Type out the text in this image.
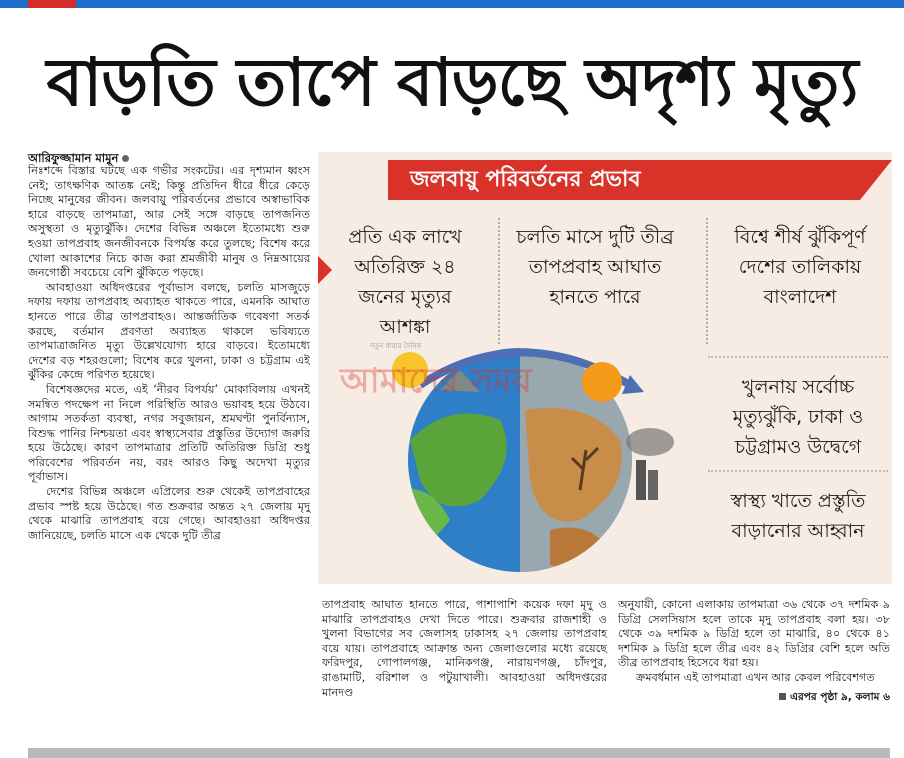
বাড়তি তাপে বাড়ছে অদৃশ্য মৃত্যু
আরিফুজ্জামান মামুন

নিঃশব্দে বিস্তার ঘটছে এক গভীর সংকটের। এর দৃশ্যমান ধ্বংস নেই; তাৎক্ষণিক আতঙ্ক নেই; কিন্তু প্রতিদিন ধীরে ধীরে কেড়ে নিচ্ছে মানুষের জীবন। জলবায়ু পরিবর্তনের প্রভাবে অস্বাভাবিক হারে বাড়ছে তাপমাত্রা, আর সেই সঙ্গে বাড়ছে তাপজনিত অসুস্থতা ও মৃত্যুঝুঁকি। দেশের বিভিন্ন অঞ্চলে ইতোমধ্যে শুরু হওয়া তাপপ্রবাহ জনজীবনকে বিপর্যস্ত করে তুলছে; বিশেষ করে খোলা আকাশের নিচে কাজ করা শ্রমজীবী মানুষ ও নিম্নআয়ের জনগোষ্ঠী সবচেয়ে বেশি ঝুঁকিতে পড়ছে।

আবহাওয়া অধিদপ্তরের পূর্বাভাস বলছে, চলতি মাসজুড়ে দফায় দফায় তাপপ্রবাহ অব্যাহত থাকতে পারে, এমনকি আঘাত হানতে পারে তীব্র তাপপ্রবাহও। আন্তর্জাতিক গবেষণা সতর্ক করছে, বর্তমান প্রবণতা অব্যাহত থাকলে ভবিষ্যতে তাপমাত্রাজনিত মৃত্যু উল্লেখযোগ্য হারে বাড়বে। ইতোমধ্যে দেশের বড় শহরগুলো; বিশেষ করে খুলনা, ঢাকা ও চট্টগ্রাম এই ঝুঁকির কেন্দ্রে পরিণত হয়েছে।

বিশেষজ্ঞদের মতে, এই ‘নীরব বিপর্যয়’ মোকাবিলায় এখনই সমন্বিত পদক্ষেপ না নিলে পরিস্থিতি আরও ভয়াবহ হয়ে উঠবে। আগাম সতর্কতা ব্যবস্থা, নগর সবুজায়ন, শ্রমঘণ্টা পুনর্বিন্যাস, বিশুদ্ধ পানির নিশ্চয়তা এবং স্বাস্থ্যসেবার প্রস্তুতির উদ্যোগ জরুরি হয়ে উঠেছে। কারণ তাপমাত্রার প্রতিটি অতিরিক্ত ডিগ্রি শুধু পরিবেশের পরিবর্তন নয়, বরং আরও কিছু অদেখা মৃত্যুর পূর্বাভাস।

দেশের বিভিন্ন অঞ্চলে এপ্রিলের শুরু থেকেই তাপপ্রবাহের প্রভাব স্পষ্ট হয়ে উঠেছে। গত শুক্রবার অন্তত ২৭ জেলায় মৃদু থেকে মাঝারি তাপপ্রবাহ বয়ে গেছে। আবহাওয়া অধিদপ্তর জানিয়েছে, চলতি মাসে এক থেকে দুটি তীব্র

জলবায়ু পরিবর্তনের প্রভাব
প্রতি এক লাখে অতিরিক্ত ২৪ জনের মৃত্যুর আশঙ্কা
চলতি মাসে দুটি তীব্র তাপপ্রবাহ আঘাত হানতে পারে
বিশ্বে শীর্ষ ঝুঁকিপূর্ণ দেশের তালিকায় বাংলাদেশ
খুলনায় সর্বোচ্চ মৃত্যুঝুঁকি, ঢাকা ও চট্টগ্রামও উদ্বেগে
স্বাস্থ্য খাতে প্রস্তুতি বাড়ানোর আহ্বান
নতুন ধারার দৈনিক
আমাদের সময়

তাপপ্রবাহ আঘাত হানতে পারে, পাশাপাশি কয়েক দফা মৃদু ও মাঝারি তাপপ্রবাহও দেখা দিতে পারে। শুক্রবার রাজশাহী ও খুলনা বিভাগের সব জেলাসহ ঢাকাসহ ২৭ জেলায় তাপপ্রবাহ বয়ে যায়। তাপপ্রবাহে আক্রান্ত অন্য জেলাগুলোর মধ্যে রয়েছে ফরিদপুর, গোপালগঞ্জ, মানিকগঞ্জ, নারায়ণগঞ্জ, চাঁদপুর, রাঙামাটি, বরিশাল ও পটুয়াখালী। আবহাওয়া অধিদপ্তরের মানদণ্ড

অনুযায়ী, কোনো এলাকায় তাপমাত্রা ৩৬ থেকে ৩৭ দশমিক ৯ ডিগ্রি সেলসিয়াস হলে তাকে মৃদু তাপপ্রবাহ বলা হয়। ৩৮ থেকে ৩৯ দশমিক ৯ ডিগ্রি হলে তা মাঝারি, ৪০ থেকে ৪১ দশমিক ৯ ডিগ্রি হলে তীব্র এবং ৪২ ডিগ্রির বেশি হলে অতি তীব্র তাপপ্রবাহ হিসেবে ধরা হয়।

ক্রমবর্ধমান এই তাপমাত্রা এখন আর কেবল পরিবেশগত

এরপর পৃষ্ঠা ৯, কলাম ৬
